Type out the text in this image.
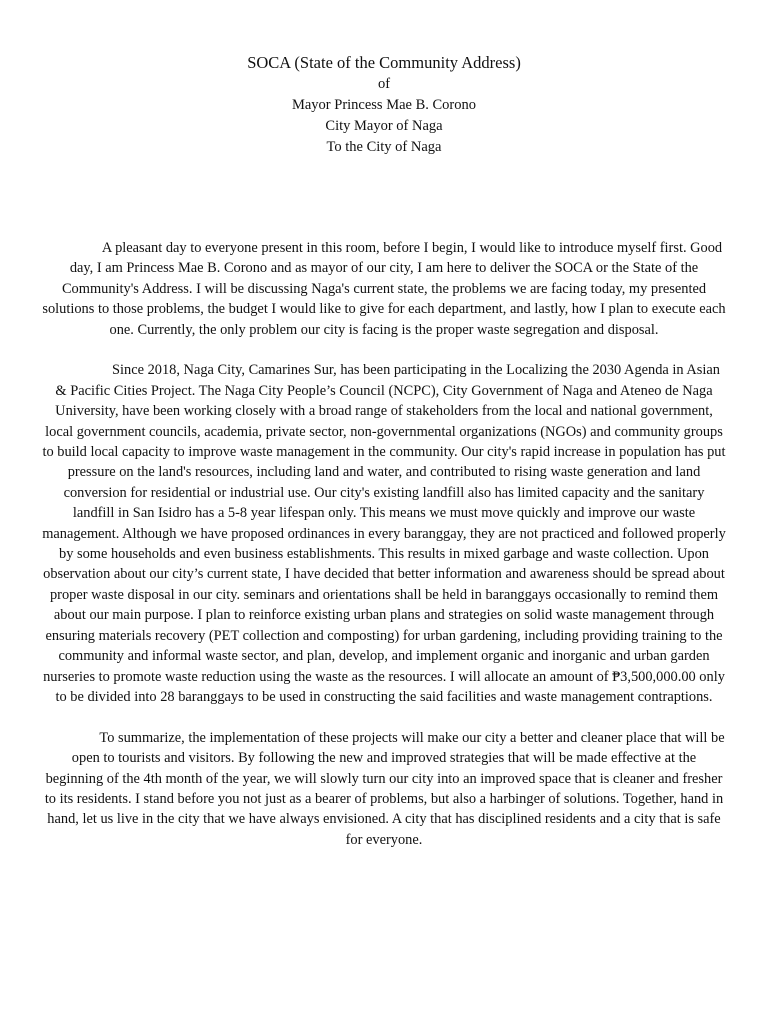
SOCA (State of the Community Address)

of

Mayor Princess Mae B. Corono

City Mayor of Naga

To the City of Naga

A pleasant day to everyone present in this room, before I begin, I would like to introduce myself first. Good day, I am Princess Mae B. Corono and as mayor of our city, I am here to deliver the SOCA or the State of the Community's Address. I will be discussing Naga's current state, the problems we are facing today, my presented solutions to those problems, the budget I would like to give for each department, and lastly, how I plan to execute each one. Currently, the only problem our city is facing is the proper waste segregation and disposal.

Since 2018, Naga City, Camarines Sur, has been participating in the Localizing the 2030 Agenda in Asian & Pacific Cities Project. The Naga City People’s Council (NCPC), City Government of Naga and Ateneo de Naga University, have been working closely with a broad range of stakeholders from the local and national government, local government councils, academia, private sector, non-governmental organizations (NGOs) and community groups to build local capacity to improve waste management in the community. Our city's rapid increase in population has put pressure on the land's resources, including land and water, and contributed to rising waste generation and land conversion for residential or industrial use. Our city's existing landfill also has limited capacity and the sanitary landfill in San Isidro has a 5-8 year lifespan only. This means we must move quickly and improve our waste management. Although we have proposed ordinances in every baranggay, they are not practiced and followed properly by some households and even business establishments. This results in mixed garbage and waste collection. Upon observation about our city’s current state, I have decided that better information and awareness should be spread about proper waste disposal in our city. seminars and orientations shall be held in baranggays occasionally to remind them about our main purpose. I plan to reinforce existing urban plans and strategies on solid waste management through ensuring materials recovery (PET collection and composting) for urban gardening, including providing training to the community and informal waste sector, and plan, develop, and implement organic and inorganic and urban garden nurseries to promote waste reduction using the waste as the resources. I will allocate an amount of ₱3,500,000.00 only to be divided into 28 baranggays to be used in constructing the said facilities and waste management contraptions.

To summarize, the implementation of these projects will make our city a better and cleaner place that will be open to tourists and visitors. By following the new and improved strategies that will be made effective at the beginning of the 4th month of the year, we will slowly turn our city into an improved space that is cleaner and fresher to its residents. I stand before you not just as a bearer of problems, but also a harbinger of solutions. Together, hand in hand, let us live in the city that we have always envisioned. A city that has disciplined residents and a city that is safe for everyone.
